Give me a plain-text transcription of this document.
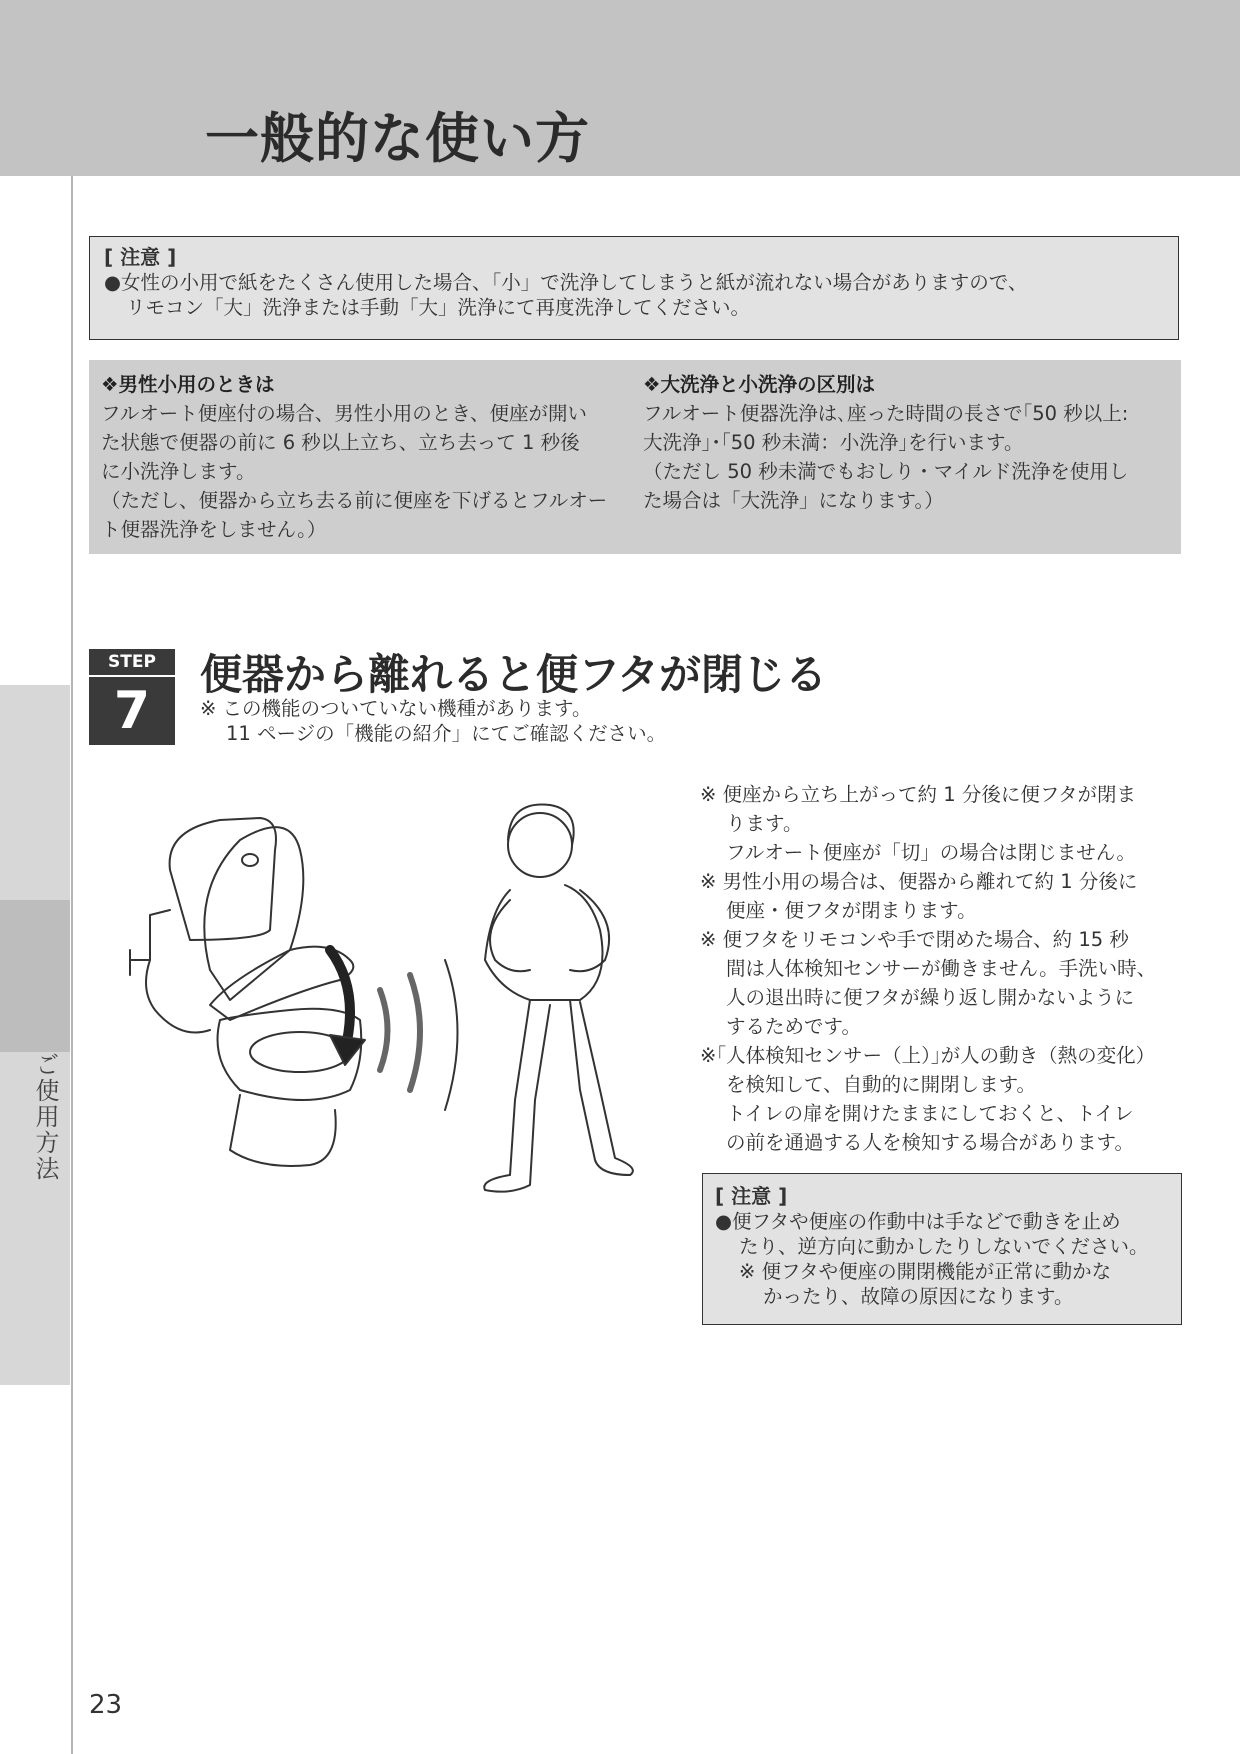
一般的な使い方
ご使用方法
[ 注意 ]
●女性の小用で紙をたくさん使用した場合、「小」で洗浄してしまうと紙が流れない場合がありますので、
リモコン「大」洗浄または手動「大」洗浄にて再度洗浄してください。
❖男性小用のときは
フルオート便座付の場合、男性小用のとき、便座が開い
た状態で便器の前に 6 秒以上立ち、立ち去って 1 秒後
に小洗浄します。
（ただし、便器から立ち去る前に便座を下げるとフルオー
ト便器洗浄をしません。）
❖大洗浄と小洗浄の区別は
フルオート便器洗浄は､座った時間の長さで｢50 秒以上:
大洗浄｣･｢50 秒未満：小洗浄｣を行います。
（ただし 50 秒未満でもおしり・マイルド洗浄を使用し
た場合は「大洗浄」になります。）
STEP
7
便器から離れると便フタが閉じる
※ この機能のついていない機種があります。
11 ページの「機能の紹介」にてご確認ください。
※ 便座から立ち上がって約 1 分後に便フタが閉ま
ります。
フルオート便座が「切」の場合は閉じません。
※ 男性小用の場合は、便器から離れて約 1 分後に
便座・便フタが閉まります。
※ 便フタをリモコンや手で閉めた場合、約 15 秒
間は人体検知センサーが働きません。手洗い時、
人の退出時に便フタが繰り返し開かないように
するためです。
※｢人体検知センサー（上）｣が人の動き（熱の変化）
を検知して、自動的に開閉します。
トイレの扉を開けたままにしておくと、トイレ
の前を通過する人を検知する場合があります。
[ 注意 ]
●便フタや便座の作動中は手などで動きを止め
たり、逆方向に動かしたりしないでください。
※ 便フタや便座の開閉機能が正常に動かな
かったり、故障の原因になります。
23
